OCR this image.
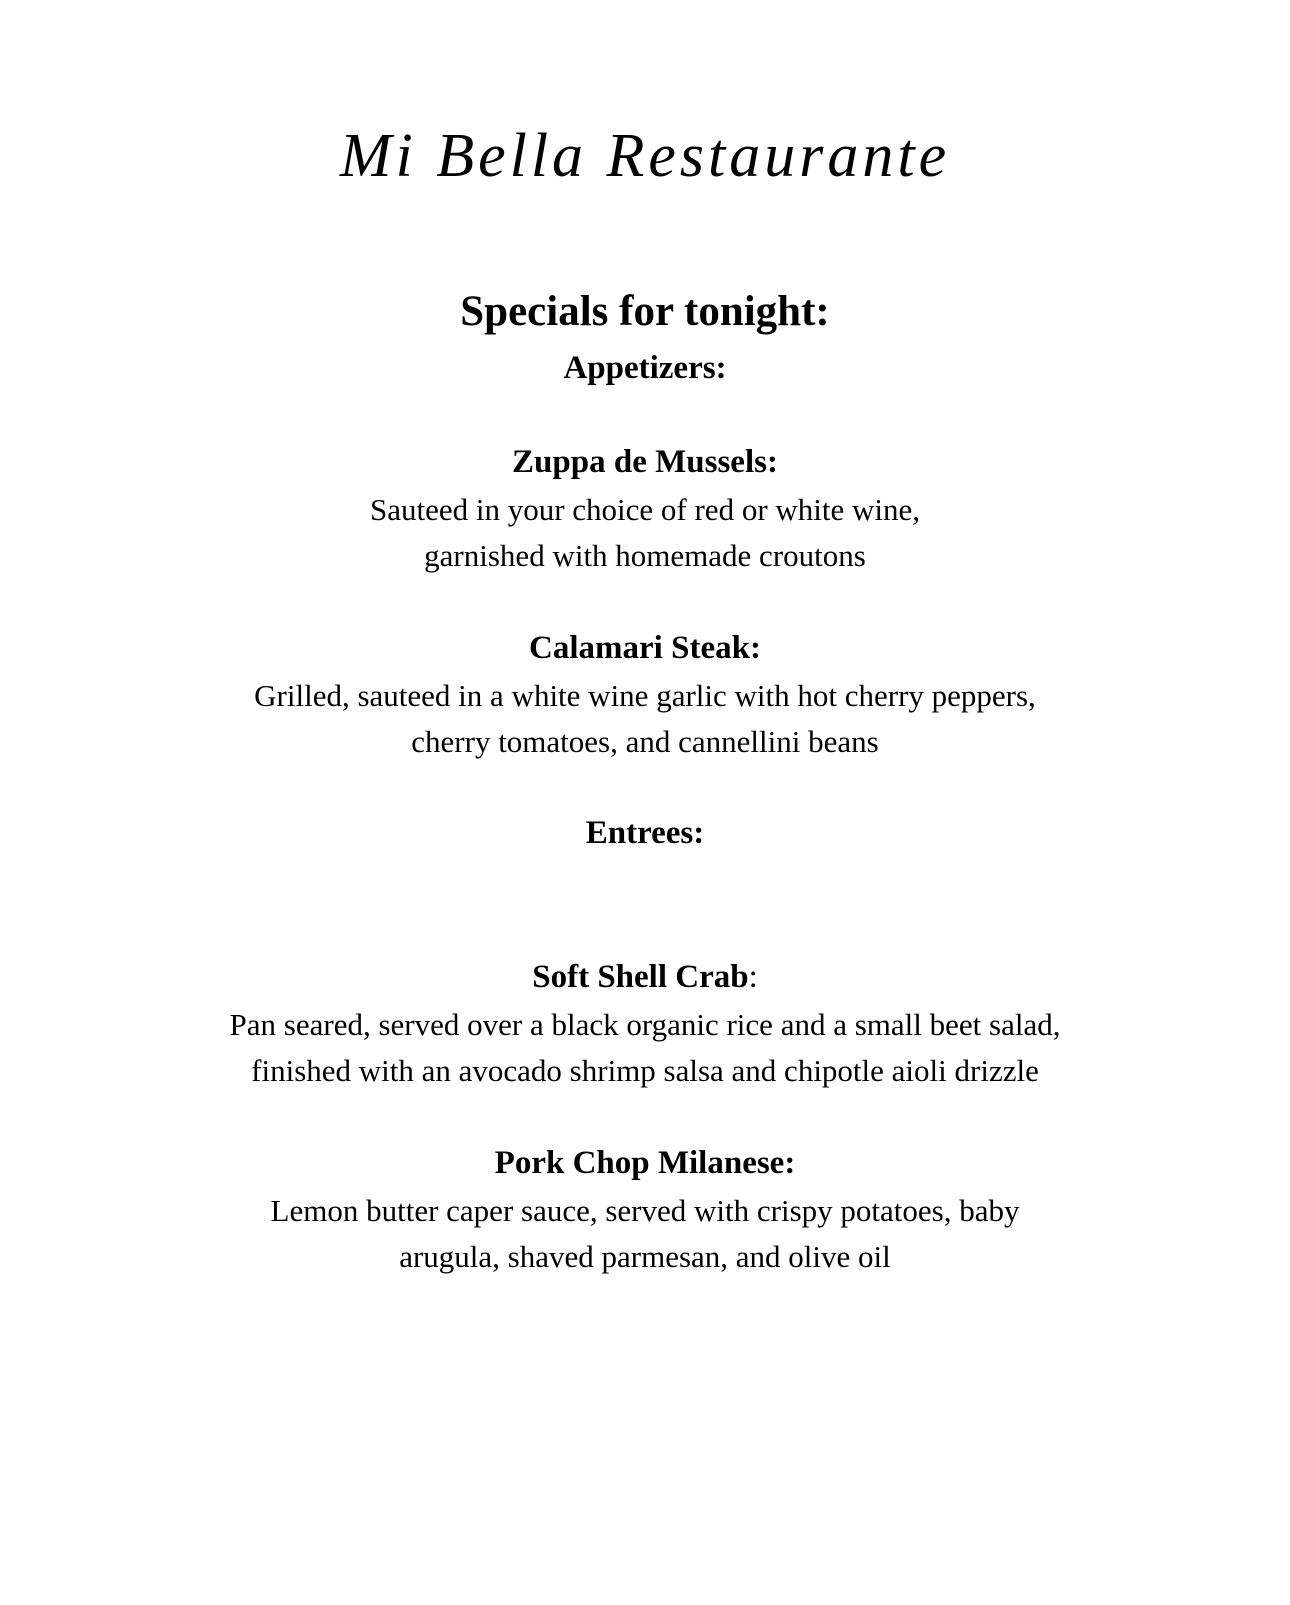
Mi Bella Restaurante
Specials for tonight:
Appetizers:

Zuppa de Mussels:

Sauteed in your choice of red or white wine,

garnished with homemade croutons

Calamari Steak:

Grilled, sauteed in a white wine garlic with hot cherry peppers,

cherry tomatoes, and cannellini beans

Entrees:

Soft Shell Crab:

Pan seared, served over a black organic rice and a small beet salad,

finished with an avocado shrimp salsa and chipotle aioli drizzle

Pork Chop Milanese:

Lemon butter caper sauce, served with crispy potatoes, baby

arugula, shaved parmesan, and olive oil
